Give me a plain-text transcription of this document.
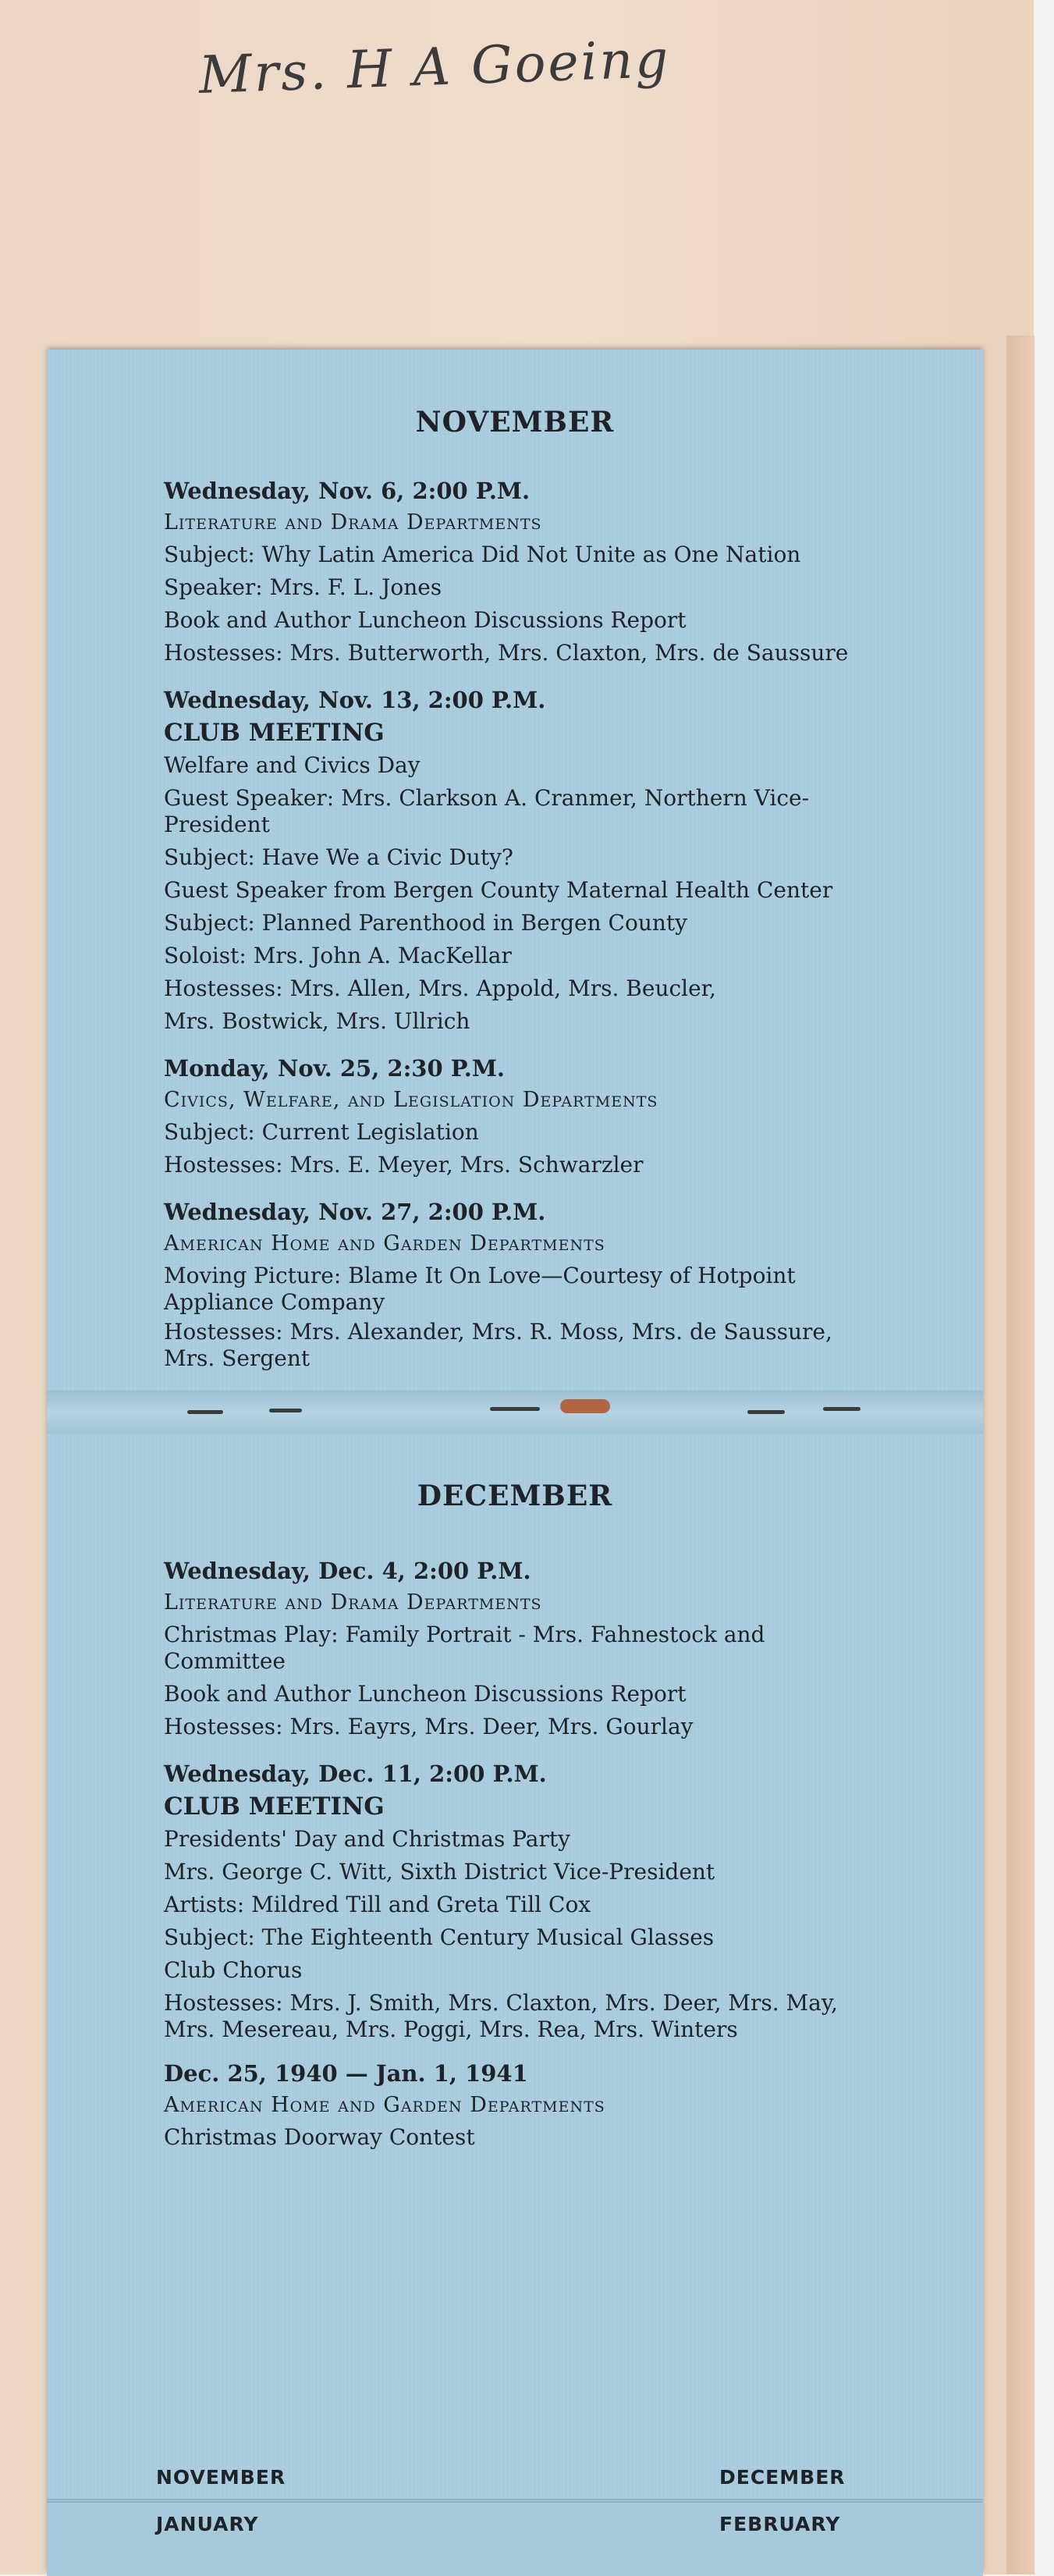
Mrs. H A Goeing
NOVEMBER
Wednesday, Nov. 6, 2:00 P.M.
Literature and Drama Departments
Subject: Why Latin America Did Not Unite as One Nation
Speaker: Mrs. F. L. Jones
Book and Author Luncheon Discussions Report
Hostesses: Mrs. Butterworth, Mrs. Claxton, Mrs. de Saussure
Wednesday, Nov. 13, 2:00 P.M.
CLUB MEETING
Welfare and Civics Day
Guest Speaker: Mrs. Clarkson A. Cranmer, Northern Vice-President
Subject: Have We a Civic Duty?
Guest Speaker from Bergen County Maternal Health Center
Subject: Planned Parenthood in Bergen County
Soloist: Mrs. John A. MacKellar
Hostesses: Mrs. Allen, Mrs. Appold, Mrs. Beucler,
Mrs. Bostwick, Mrs. Ullrich
Monday, Nov. 25, 2:30 P.M.
Civics, Welfare, and Legislation Departments
Subject: Current Legislation
Hostesses: Mrs. E. Meyer, Mrs. Schwarzler
Wednesday, Nov. 27, 2:00 P.M.
American Home and Garden Departments
Moving Picture: Blame It On Love—Courtesy of Hotpoint Appliance Company
Hostesses: Mrs. Alexander, Mrs. R. Moss, Mrs. de Saussure, Mrs. Sergent
DECEMBER
Wednesday, Dec. 4, 2:00 P.M.
Literature and Drama Departments
Christmas Play: Family Portrait - Mrs. Fahnestock and Committee
Book and Author Luncheon Discussions Report
Hostesses: Mrs. Eayrs, Mrs. Deer, Mrs. Gourlay
Wednesday, Dec. 11, 2:00 P.M.
CLUB MEETING
Presidents' Day and Christmas Party
Mrs. George C. Witt, Sixth District Vice-President
Artists: Mildred Till and Greta Till Cox
Subject: The Eighteenth Century Musical Glasses
Club Chorus
Hostesses: Mrs. J. Smith, Mrs. Claxton, Mrs. Deer, Mrs. May, Mrs. Mesereau, Mrs. Poggi, Mrs. Rea, Mrs. Winters
Dec. 25, 1940 — Jan. 1, 1941
American Home and Garden Departments
Christmas Doorway Contest
NOVEMBER	DECEMBER
JANUARY	FEBRUARY
